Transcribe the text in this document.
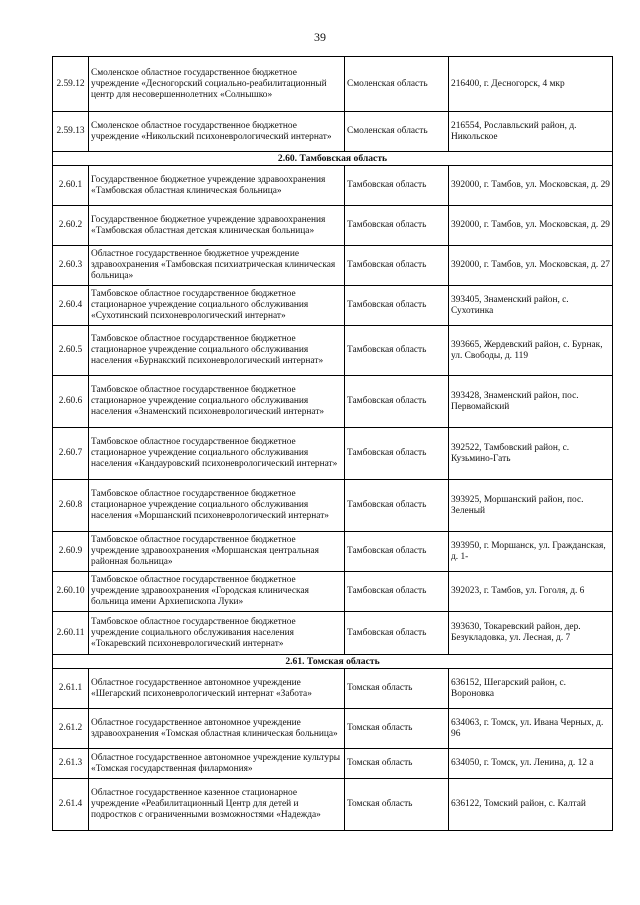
39
2.59.12	Смоленское областное государственное бюджетное учреждение «Десногорский социально-реабилитационный центр для несовершеннолетних «Солнышко»	Смоленская область	216400, г. Десногорск, 4 мкр
2.59.13	Смоленское областное государственное бюджетное учреждение «Никольский психоневрологический интернат»	Смоленская область	216554, Рославльский район, д. Никольское
2.60. Тамбовская область			
2.60.1	Государственное бюджетное учреждение здравоохранения «Тамбовская областная клиническая больница»	Тамбовская область	392000, г. Тамбов, ул. Московская, д. 29
2.60.2	Государственное бюджетное учреждение здравоохранения «Тамбовская областная детская клиническая больница»	Тамбовская область	392000, г. Тамбов, ул. Московская, д. 29
2.60.3	Областное государственное бюджетное учреждение здравоохранения «Тамбовская психиатрическая клиническая больница»	Тамбовская область	392000, г. Тамбов, ул. Московская, д. 27
2.60.4	Тамбовское областное государственное бюджетное стационарное учреждение социального обслуживания «Сухотинский психоневрологический интернат»	Тамбовская область	393405, Знаменский район, с. Сухотинка
2.60.5	Тамбовское областное государственное бюджетное стационарное учреждение социального обслуживания населения «Бурнакский психоневрологический интернат»	Тамбовская область	393665, Жердевский район, с. Бурнак, ул. Свободы, д. 119
2.60.6	Тамбовское областное государственное бюджетное стационарное учреждение социального обслуживания населения «Знаменский психоневрологический интернат»	Тамбовская область	393428, Знаменский район, пос. Первомайский
2.60.7	Тамбовское областное государственное бюджетное стационарное учреждение социального обслуживания населения «Кандауровский психоневрологический интернат»	Тамбовская область	392522, Тамбовский район, с. Кузьмино-Гать
2.60.8	Тамбовское областное государственное бюджетное стационарное учреждение социального обслуживания населения «Моршанский психоневрологический интернат»	Тамбовская область	393925, Моршанский район, пос. Зеленый
2.60.9	Тамбовское областное государственное бюджетное учреждение здравоохранения «Моршанская центральная районная больница»	Тамбовская область	393950, г. Моршанск, ул. Гражданская, д. 1-
2.60.10	Тамбовское областное государственное бюджетное учреждение здравоохранения «Городская клиническая больница имени Архиепископа Луки»	Тамбовская область	392023, г. Тамбов, ул. Гоголя, д. 6
2.60.11	Тамбовское областное государственное бюджетное учреждение социального обслуживания населения «Токаревский психоневрологический интернат»	Тамбовская область	393630, Токаревский район, дер. Безукладовка, ул. Лесная, д. 7
2.61. Томская область			
2.61.1	Областное государственное автономное учреждение «Шегарский психоневрологический интернат «Забота»	Томская область	636152, Шегарский район, с. Вороновка
2.61.2	Областное государственное автономное учреждение здравоохранения «Томская областная клиническая больница»	Томская область	634063, г. Томск, ул. Ивана Черных, д. 96
2.61.3	Областное государственное автономное учреждение культуры «Томская государственная филармония»	Томская область	634050, г. Томск, ул. Ленина, д. 12 а
2.61.4	Областное государственное казенное стационарное учреждение «Реабилитационный Центр для детей и подростков с ограниченными возможностями «Надежда»	Томская область	636122, Томский район, с. Калтай
